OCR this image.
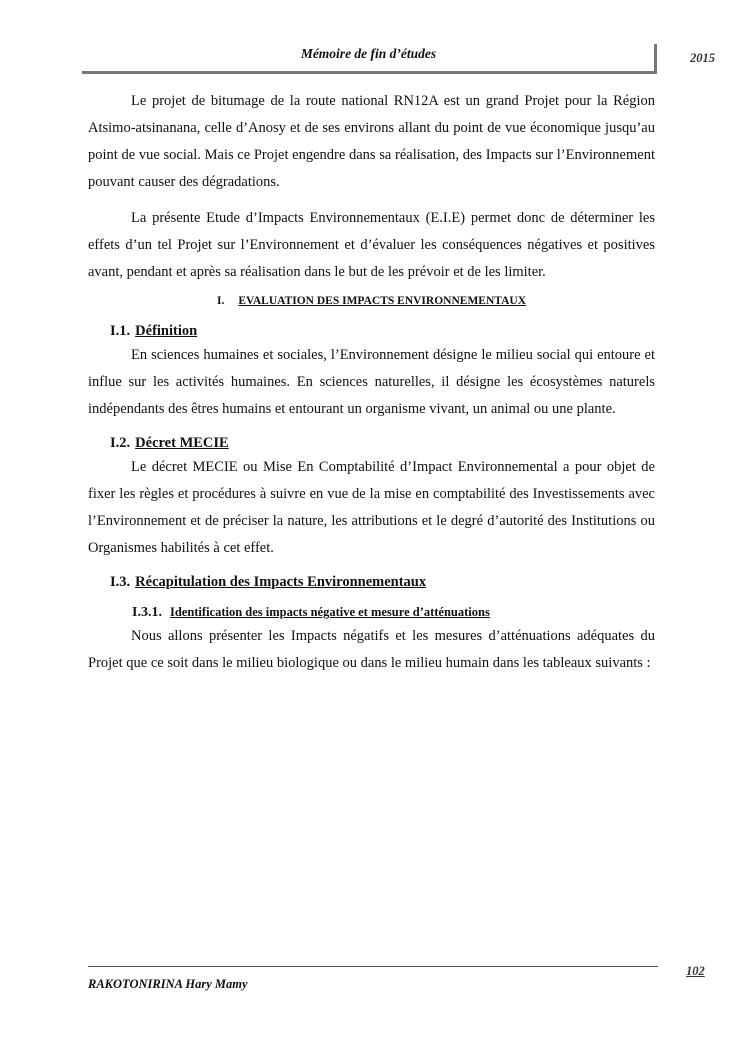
Mémoire de fin d’études	2015

Le projet de bitumage de la route national RN12A est un grand Projet pour la Région Atsimo-atsinanana, celle d’Anosy et de ses environs allant du point de vue économique jusqu’au point de vue social. Mais ce Projet engendre dans sa réalisation, des Impacts sur l’Environnement pouvant causer des dégradations.

La présente Etude d’Impacts Environnementaux (E.I.E) permet donc de déterminer les effets d’un tel Projet sur l’Environnement et d’évaluer les conséquences négatives et positives avant, pendant et après sa réalisation dans le but de les prévoir et de les limiter.

I. EVALUATION DES IMPACTS ENVIRONNEMENTAUX
I.1. Définition

En sciences humaines et sociales, l’Environnement désigne le milieu social qui entoure et influe sur les activités humaines. En sciences naturelles, il désigne les écosystèmes naturels indépendants des êtres humains et entourant un organisme vivant, un animal ou une plante.

I.2. Décret MECIE

Le décret MECIE ou Mise En Comptabilité d’Impact Environnemental a pour objet de fixer les règles et procédures à suivre en vue de la mise en comptabilité des Investissements avec l’Environnement et de préciser la nature, les attributions et le degré d’autorité des Institutions ou Organismes habilités à cet effet.

I.3. Récapitulation des Impacts Environnementaux
I.3.1. Identification des impacts négative et mesure d’atténuations

Nous allons présenter les Impacts négatifs et les mesures d’atténuations adéquates du Projet que ce soit dans le milieu biologique ou dans le milieu humain dans les tableaux suivants :

RAKOTONIRINA Hary Mamy
102
